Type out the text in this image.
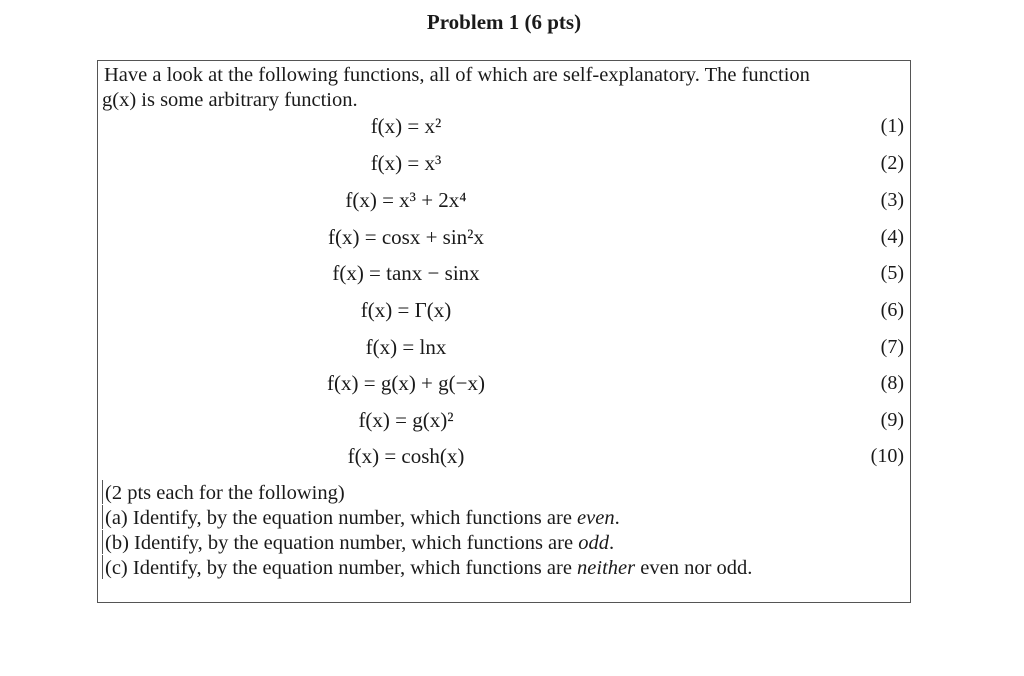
Problem 1 (6 pts)
Have a look at the following functions, all of which are self-explanatory. The function
g(x) is some arbitrary function.
f(x) = x²	(1)
f(x) = x³	(2)
f(x) = x³ + 2x⁴	(3)
f(x) = cosx + sin²x	(4)
f(x) = tanx − sinx	(5)
f(x) = Γ(x)	(6)
f(x) = lnx	(7)
f(x) = g(x) + g(−x)	(8)
f(x) = g(x)²	(9)
f(x) = cosh(x)	(10)
(2 pts each for the following)
(a) Identify, by the equation number, which functions are even.
(b) Identify, by the equation number, which functions are odd.
(c) Identify, by the equation number, which functions are neither even nor odd.
